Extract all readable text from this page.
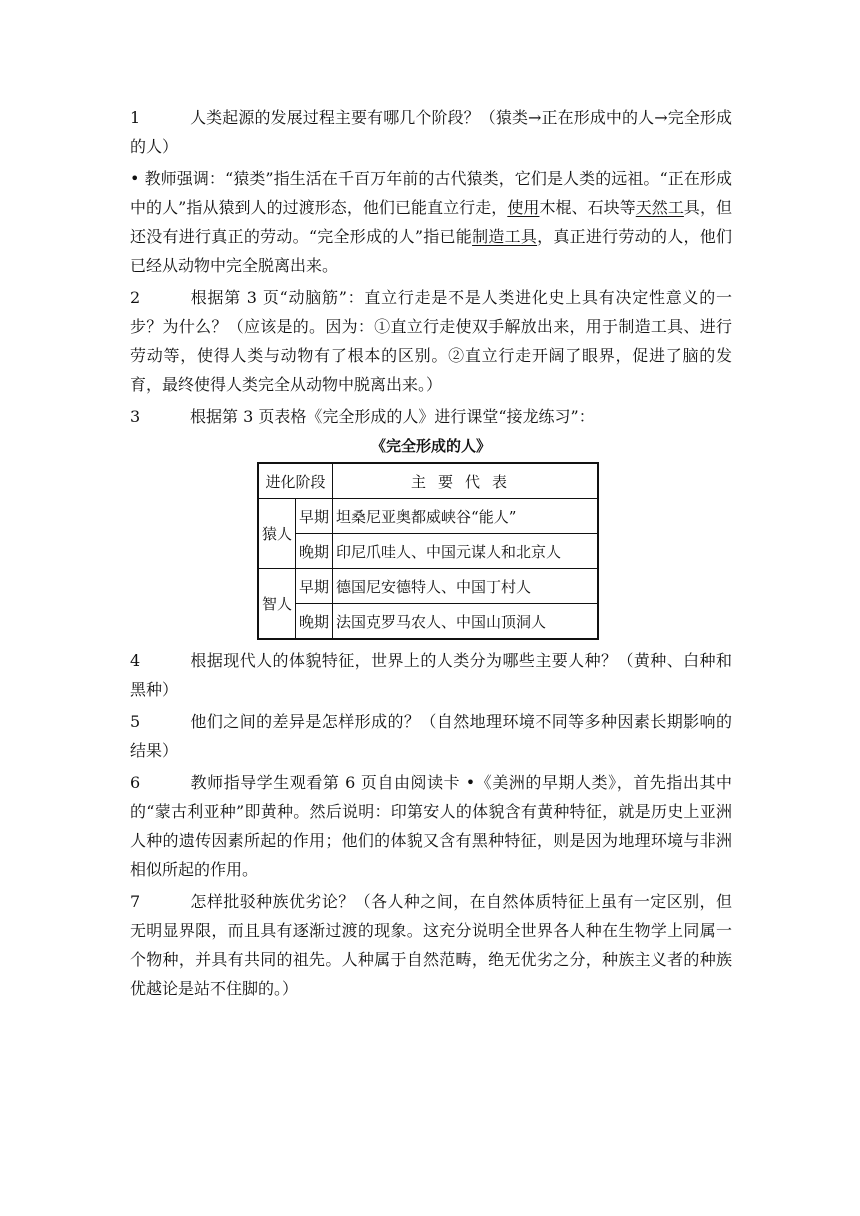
1	人类起源的发展过程主要有哪几个阶段？（猿类→正在形成中的人→完全形成的人）

• 教师强调：“猿类”指生活在千百万年前的古代猿类，它们是人类的远祖。“正在形成中的人”指从猿到人的过渡形态，他们已能直立行走，使用木棍、石块等天然工具，但还没有进行真正的劳动。“完全形成的人”指已能制造工具，真正进行劳动的人，他们已经从动物中完全脱离出来。

2	根据第 3 页“动脑筋”：直立行走是不是人类进化史上具有决定性意义的一步？为什么？（应该是的。因为：①直立行走使双手解放出来，用于制造工具、进行劳动等，使得人类与动物有了根本的区别。②直立行走开阔了眼界，促进了脑的发育，最终使得人类完全从动物中脱离出来。）

3	根据第 3 页表格《完全形成的人》进行课堂“接龙练习”：

《完全形成的人》
进化阶段		主要代表
猿人	早期	坦桑尼亚奥都威峡谷“能人”
	晚期	印尼爪哇人、中国元谋人和北京人
智人	早期	德国尼安德特人、中国丁村人
	晚期	法国克罗马农人、中国山顶洞人

4	根据现代人的体貌特征，世界上的人类分为哪些主要人种？（黄种、白种和黑种）

5	他们之间的差异是怎样形成的？（自然地理环境不同等多种因素长期影响的结果）

6	教师指导学生观看第 6 页自由阅读卡 •《美洲的早期人类》，首先指出其中的“蒙古利亚种”即黄种。然后说明：印第安人的体貌含有黄种特征，就是历史上亚洲人种的遗传因素所起的作用；他们的体貌又含有黑种特征，则是因为地理环境与非洲相似所起的作用。

7	怎样批驳种族优劣论？（各人种之间，在自然体质特征上虽有一定区别，但无明显界限，而且具有逐渐过渡的现象。这充分说明全世界各人种在生物学上同属一个物种，并具有共同的祖先。人种属于自然范畴，绝无优劣之分，种族主义者的种族优越论是站不住脚的。）
